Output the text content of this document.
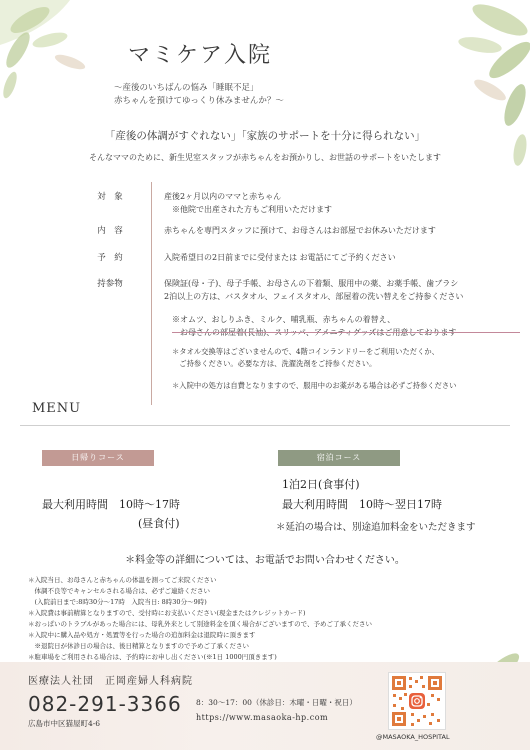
マミケア入院
～産後のいちばんの悩み「睡眠不足」
赤ちゃんを預けてゆっくり休みませんか？～
「産後の体調がすぐれない」「家族のサポートを十分に得られない」
そんなママのために、新生児室スタッフが赤ちゃんをお預かりし、お世話のサポートをいたします
対　象	産後2ヶ月以内のママと赤ちゃん
　※他院で出産された方もご利用いただけます
内　容	赤ちゃんを専門スタッフに預けて、お母さんはお部屋でお休みいただけます
予　約	入院希望日の2日前までに受付または お電話にてご予約ください
持参物	保険証(母・子)、母子手帳、お母さんの下着類、服用中の薬、お薬手帳、歯ブラシ
2泊以上の方は、バスタオル、フェイスタオル、部屋着の洗い替えをご持参ください
※オムツ、おしりふき、ミルク、哺乳瓶、赤ちゃんの着替え、

＊タオル交換等はございませんので、4階コインランドリーをご利用いただくか、
　ご持参ください。必要な方は、洗濯洗剤をご持参ください。
＊入院中の処方は自費となりますので、服用中のお薬がある場合は必ずご持参ください
MENU
日帰りコース	宿泊コース
最大利用時間　10時～17時
(昼食付)
1泊2日(食事付)
最大利用時間　10時～翌日17時
＊延泊の場合は、別途追加料金をいただきます
＊料金等の詳細については、お電話でお問い合わせください。
＊入院当日、お母さんと赤ちゃんの体温を測ってご来院ください
　体調不良等でキャンセルされる場合は、必ずご連絡ください
　(入院前日まで:8時30分～17時　入院当日: 8時30分～9時)
＊入院費は事前精算となりますので、受付時にお支払いください(現金またはクレジットカード)
＊おっぱいのトラブルがあった場合には、母乳外来として別途料金を頂く場合がございますので、予めご了承ください
＊入院中に購入品や処方・処置等を行った場合の追加料金は退院時に頂きます
　※退院日が休診日の場合は、後日精算となりますので予めご了承ください
＊駐車場をご利用される場合は、予約時にお申し出ください(※1日 1000円頂きます)
医療法人社団　正岡産婦人科病院
082-291-3366
広島市中区猫屋町4-6
8：30～17：00（休診日：木曜・日曜・祝日）
https://www.masaoka-hp.com
@MASAOKA_HOSPITAL
